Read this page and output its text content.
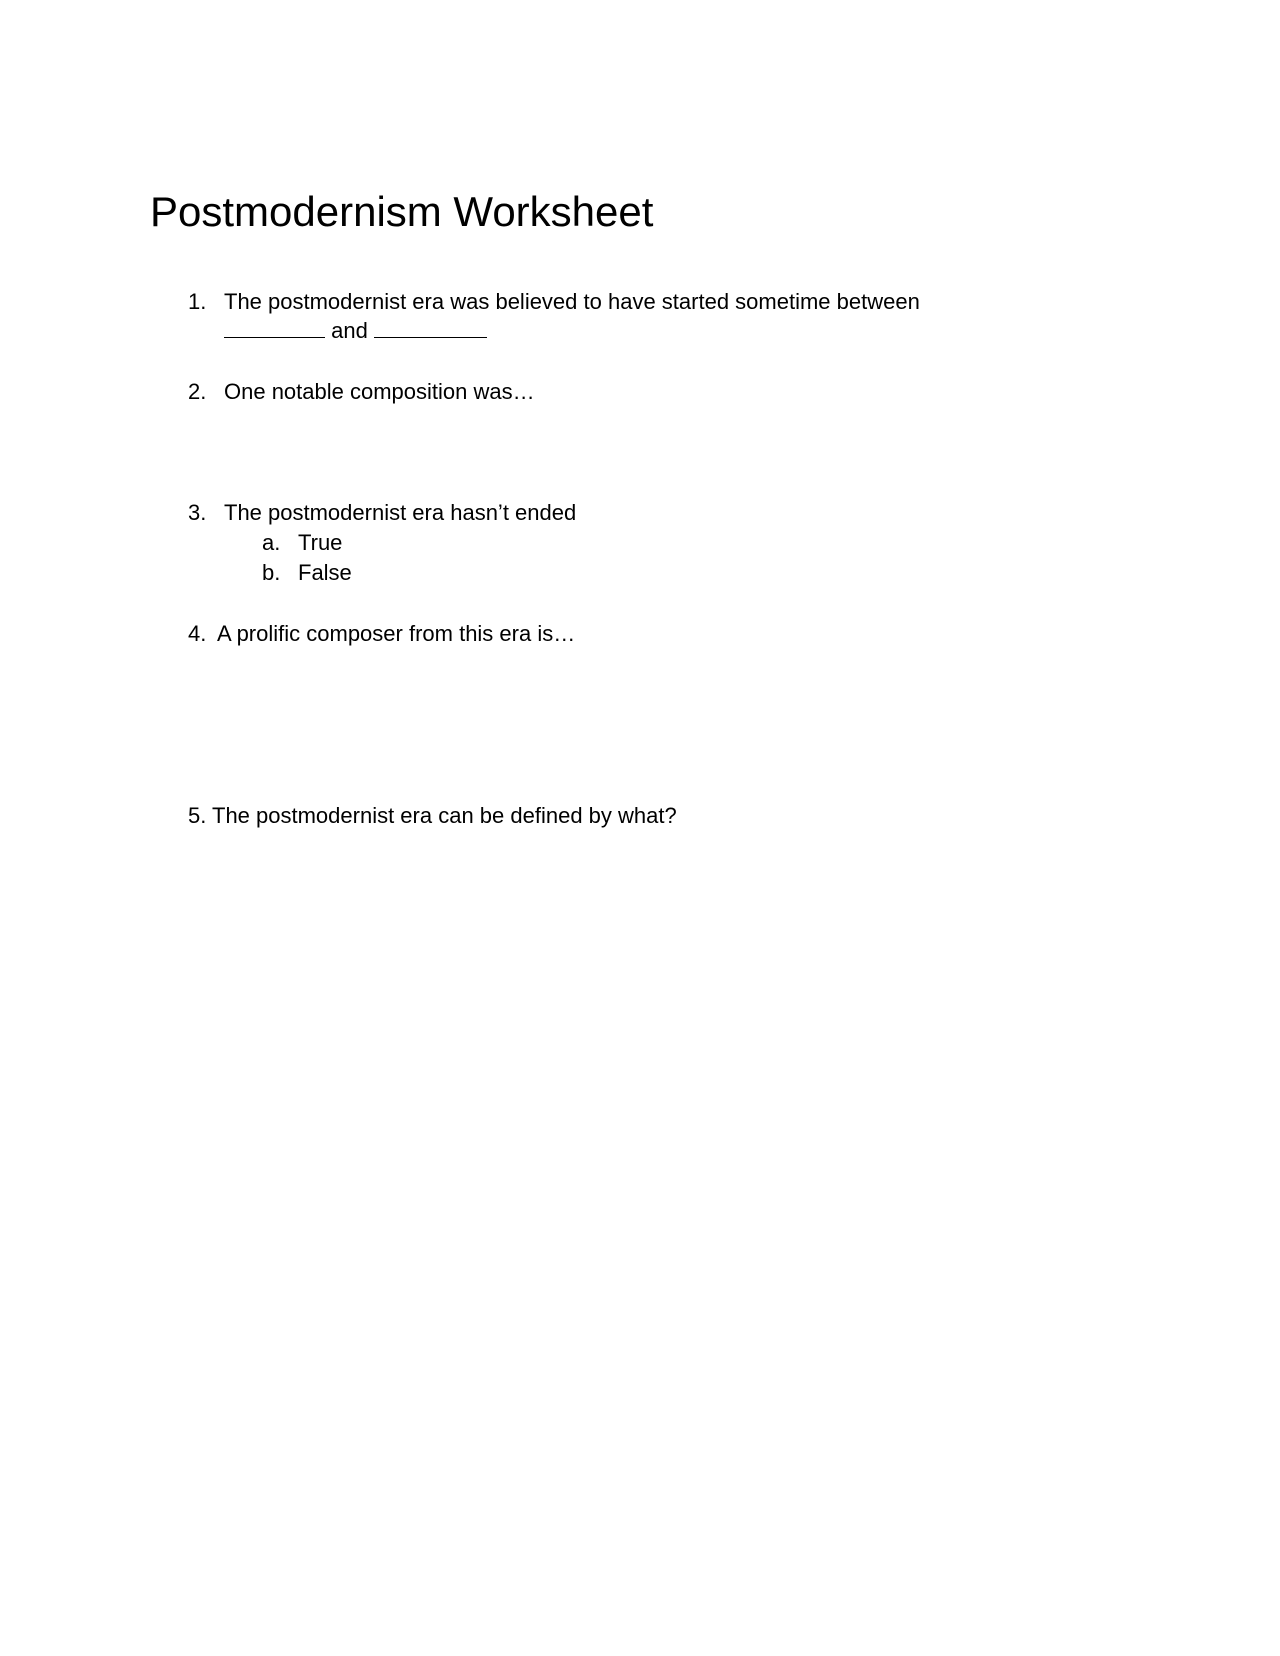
Postmodernism Worksheet
1. The postmodernist era was believed to have started sometime between
and
2. One notable composition was…
3. The postmodernist era hasn’t ended
a. True
b. False
4. A prolific composer from this era is…
5. The postmodernist era can be defined by what?
